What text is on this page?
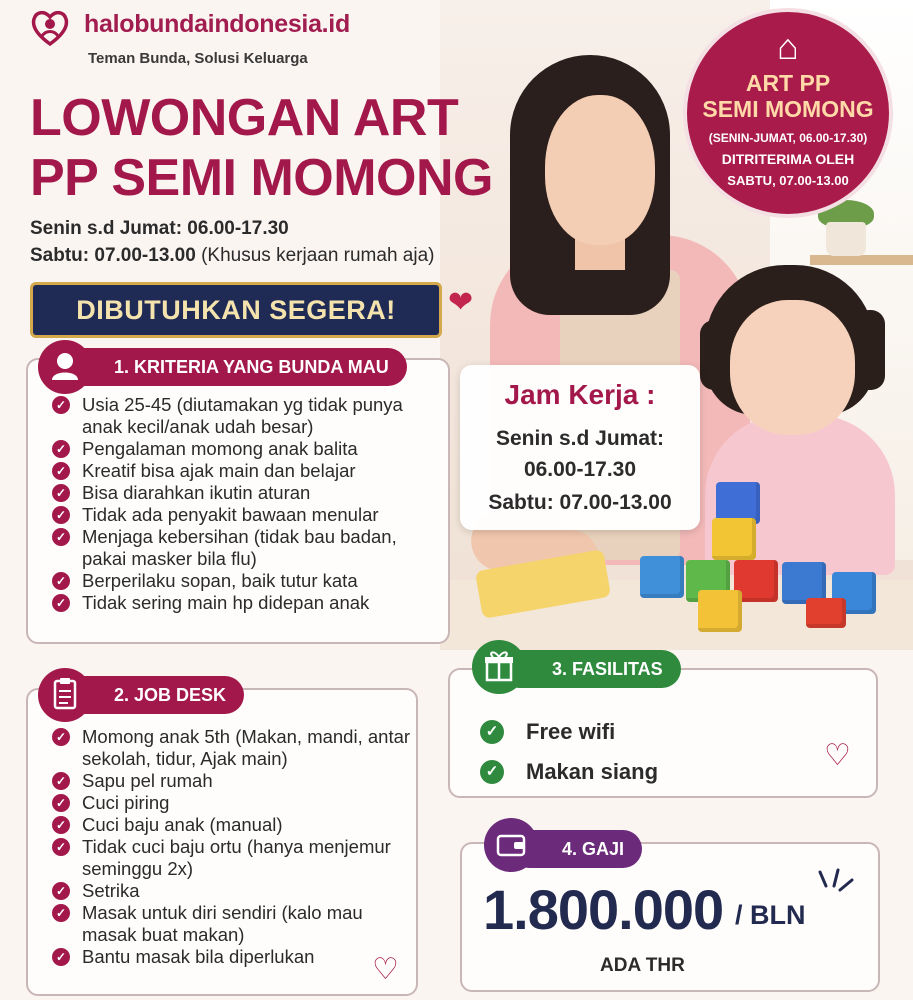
halobundaindonesia.id
Teman Bunda, Solusi Keluarga
LOWONGAN ART
PP SEMI MOMONG
Senin s.d Jumat: 06.00-17.30
Sabtu: 07.00-13.00 (Khusus kerjaan rumah aja)
DIBUTUHKAN SEGERA!	❤
⌂
ART PP
SEMI MOMONG
(SENIN-JUMAT, 06.00-17.30)
DITRITERIMA OLEH
SABTU, 07.00-13.00
Jam Kerja :
Senin s.d Jumat:
06.00-17.30
Sabtu: 07.00-13.00
1. KRITERIA YANG BUNDA MAU
✓ Usia 25-45 (diutamakan yg tidak punya anak kecil/anak udah besar)
✓ Pengalaman momong anak balita
✓ Kreatif bisa ajak main dan belajar
✓ Bisa diarahkan ikutin aturan
✓ Tidak ada penyakit bawaan menular
✓ Menjaga kebersihan (tidak bau badan, pakai masker bila flu)
✓ Berperilaku sopan, baik tutur kata
✓ Tidak sering main hp didepan anak
2. JOB DESK
✓ Momong anak 5th (Makan, mandi, antar sekolah, tidur, Ajak main)
✓ Sapu pel rumah
✓ Cuci piring
✓ Cuci baju anak (manual)
✓ Tidak cuci baju ortu (hanya menjemur seminggu 2x)
✓ Setrika
✓ Masak untuk diri sendiri (kalo mau masak buat makan)
✓ Bantu masak bila diperlukan	♡
3. FASILITAS
✓ Free wifi
✓ Makan siang	♡
4. GAJI
1.800.000 / BLN
ADA THR
